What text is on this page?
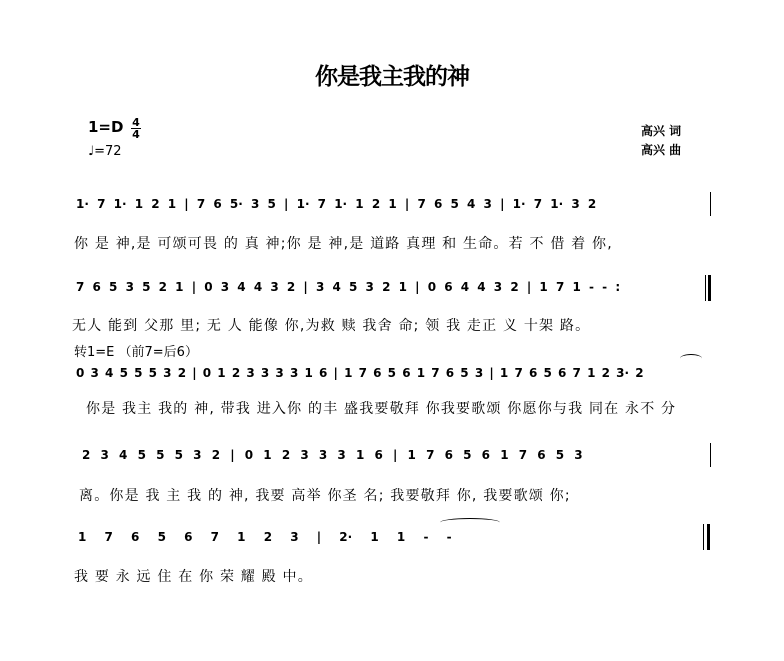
你是我主我的神
1=D 4
4
♩=72
高兴 词
高兴 曲
1· 7 1· 1 2 1 | 7 6 5· 3 5 | 1· 7 1· 1 2 1 | 7 6 5 4 3 | 1· 7 1· 3 2
你 是 神,是 可颂可畏 的 真 神;你 是 神,是 道路 真理 和 生命。若 不 借 着 你,
7 6 5 3 5 2 1 | 0 3 4 4 3 2 | 3 4 5 3 2 1 | 0 6 4 4 3 2 | 1 7 1 - - :
无人 能到 父那 里; 无 人 能像 你,为救 赎 我舍 命; 领 我 走正 义 十架 路。
转1=E （前7=后6）
0 3 4 5 5 5 3 2 | 0 1 2 3 3 3 3 1 6 | 1 7 6 5 6 1 7 6 5 3 | 1 7 6 5 6 7 1 2 3· 2
你是 我主 我的 神, 带我 进入你 的丰 盛我要敬拜 你我要歌颂 你愿你与我 同在 永不 分
2 3 4 5 5 5 3 2 | 0 1 2 3 3 3 1 6 | 1 7 6 5 6 1 7 6 5 3
离。你是 我 主 我 的 神, 我要 高举 你圣 名; 我要敬拜 你, 我要歌颂 你;
1 7 6 5 6 7 1 2 3 | 2· 1 1 - -
我 要 永 远 住 在 你 荣 耀 殿 中。
